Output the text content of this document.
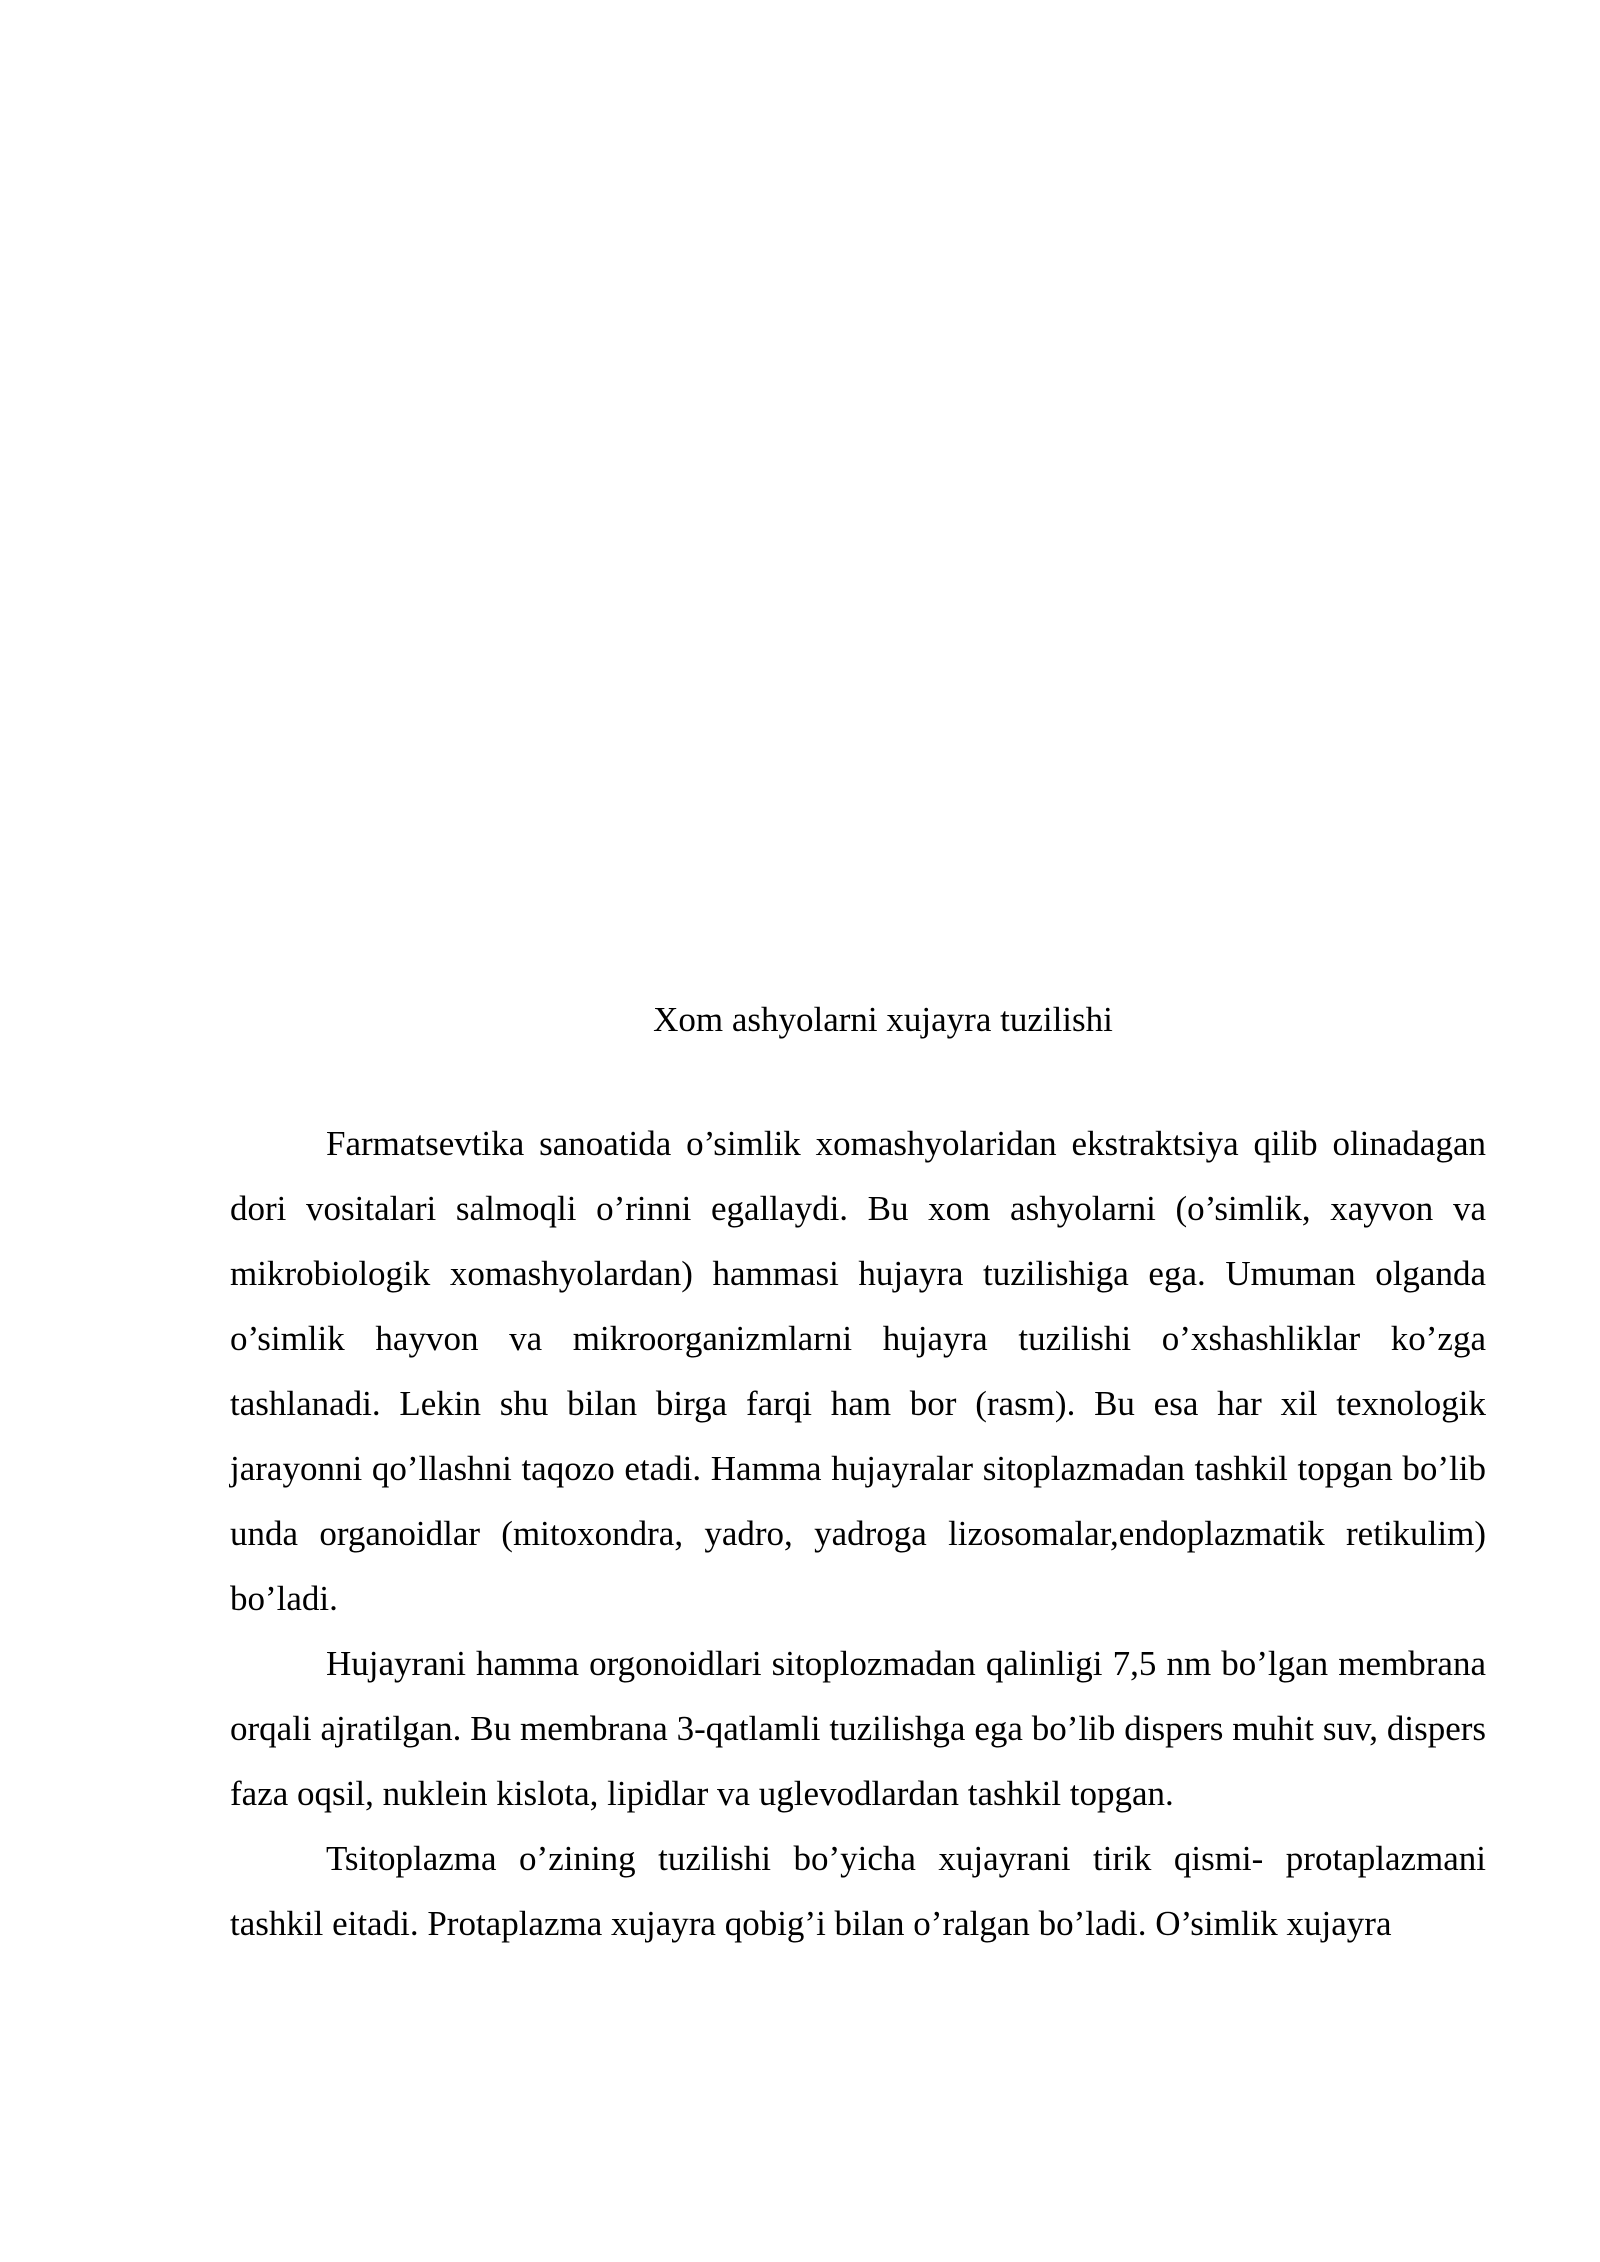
Xom ashyolarni xujayra tuzilishi

Farmatsevtika sanoatida o’simlik xomashyolaridan ekstraktsiya qilib olinadagan dori vositalari salmoqli o’rinni egallaydi. Bu xom ashyolarni (o’simlik, xayvon va mikrobiologik xomashyolardan) hammasi hujayra tuzilishiga ega. Umuman olganda o’simlik hayvon va mikroorganizmlarni hujayra tuzilishi o’xshashliklar ko’zga tashlanadi. Lekin shu bilan birga farqi ham bor (rasm). Bu esa har xil texnologik jarayonni qo’llashni taqozo etadi. Hamma hujayralar sitoplazmadan tashkil topgan bo’lib unda organoidlar (mitoxondra, yadro, yadroga lizosomalar,endoplazmatik retikulim) bo’ladi.

Hujayrani hamma orgonoidlari sitoplozmadan qalinligi 7,5 nm bo’lgan membrana orqali ajratilgan. Bu membrana 3-qatlamli tuzilishga ega bo’lib dispers muhit suv, dispers faza oqsil, nuklein kislota, lipidlar va uglevodlardan tashkil topgan.

Tsitoplazma o’zining tuzilishi bo’yicha xujayrani tirik qismi- protaplazmani tashkil eitadi. Protaplazma xujayra qobig’i bilan o’ralgan bo’ladi. O’simlik xujayra
